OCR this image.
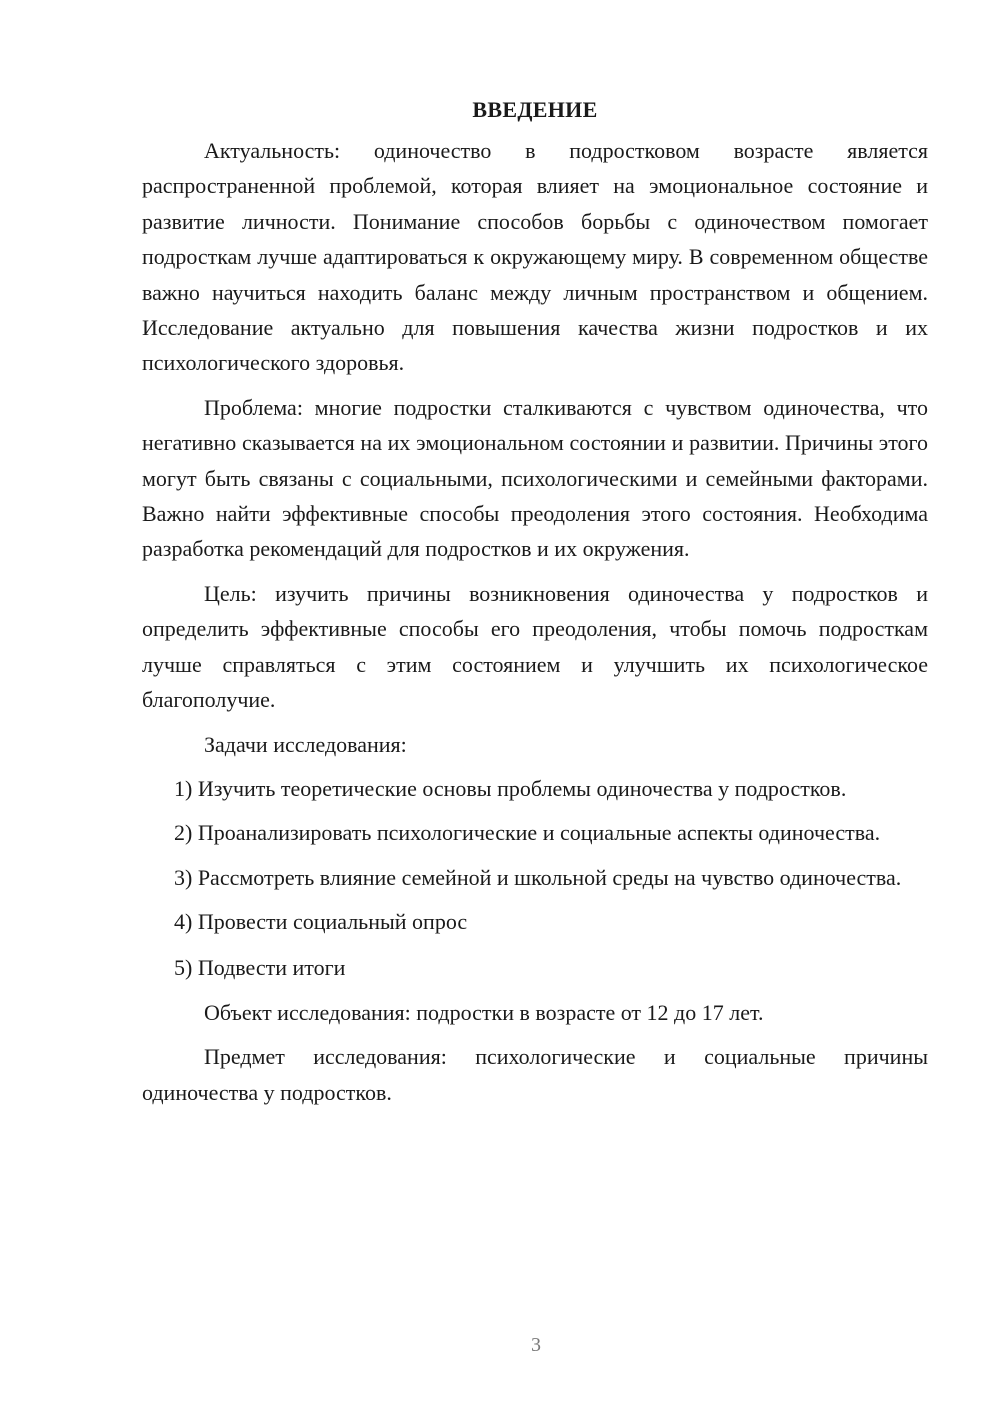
ВВЕДЕНИЕ

Актуальность: одиночество в подростковом возрасте является распространенной проблемой, которая влияет на эмоциональное состояние и развитие личности. Понимание способов борьбы с одиночеством помогает подросткам лучше адаптироваться к окружающему миру. В современном обществе важно научиться находить баланс между личным пространством и общением. Исследование актуально для повышения качества жизни подростков и их психологического здоровья.

Проблема: многие подростки сталкиваются с чувством одиночества, что негативно сказывается на их эмоциональном состоянии и развитии. Причины этого могут быть связаны с социальными, психологическими и семейными факторами. Важно найти эффективные способы преодоления этого состояния. Необходима разработка рекомендаций для подростков и их окружения.

Цель: изучить причины возникновения одиночества у подростков и определить эффективные способы его преодоления, чтобы помочь подросткам лучше справляться с этим состоянием и улучшить их психологическое благополучие.

Задачи исследования:

1) Изучить теоретические основы проблемы одиночества у подростков.

2) Проанализировать психологические и социальные аспекты одиночества.

3) Рассмотреть влияние семейной и школьной среды на чувство одиночества.

4) Провести социальный опрос

5) Подвести итоги

Объект исследования: подростки в возрасте от 12 до 17 лет.

Предмет исследования: психологические и социальные причины одиночества у подростков.

3
